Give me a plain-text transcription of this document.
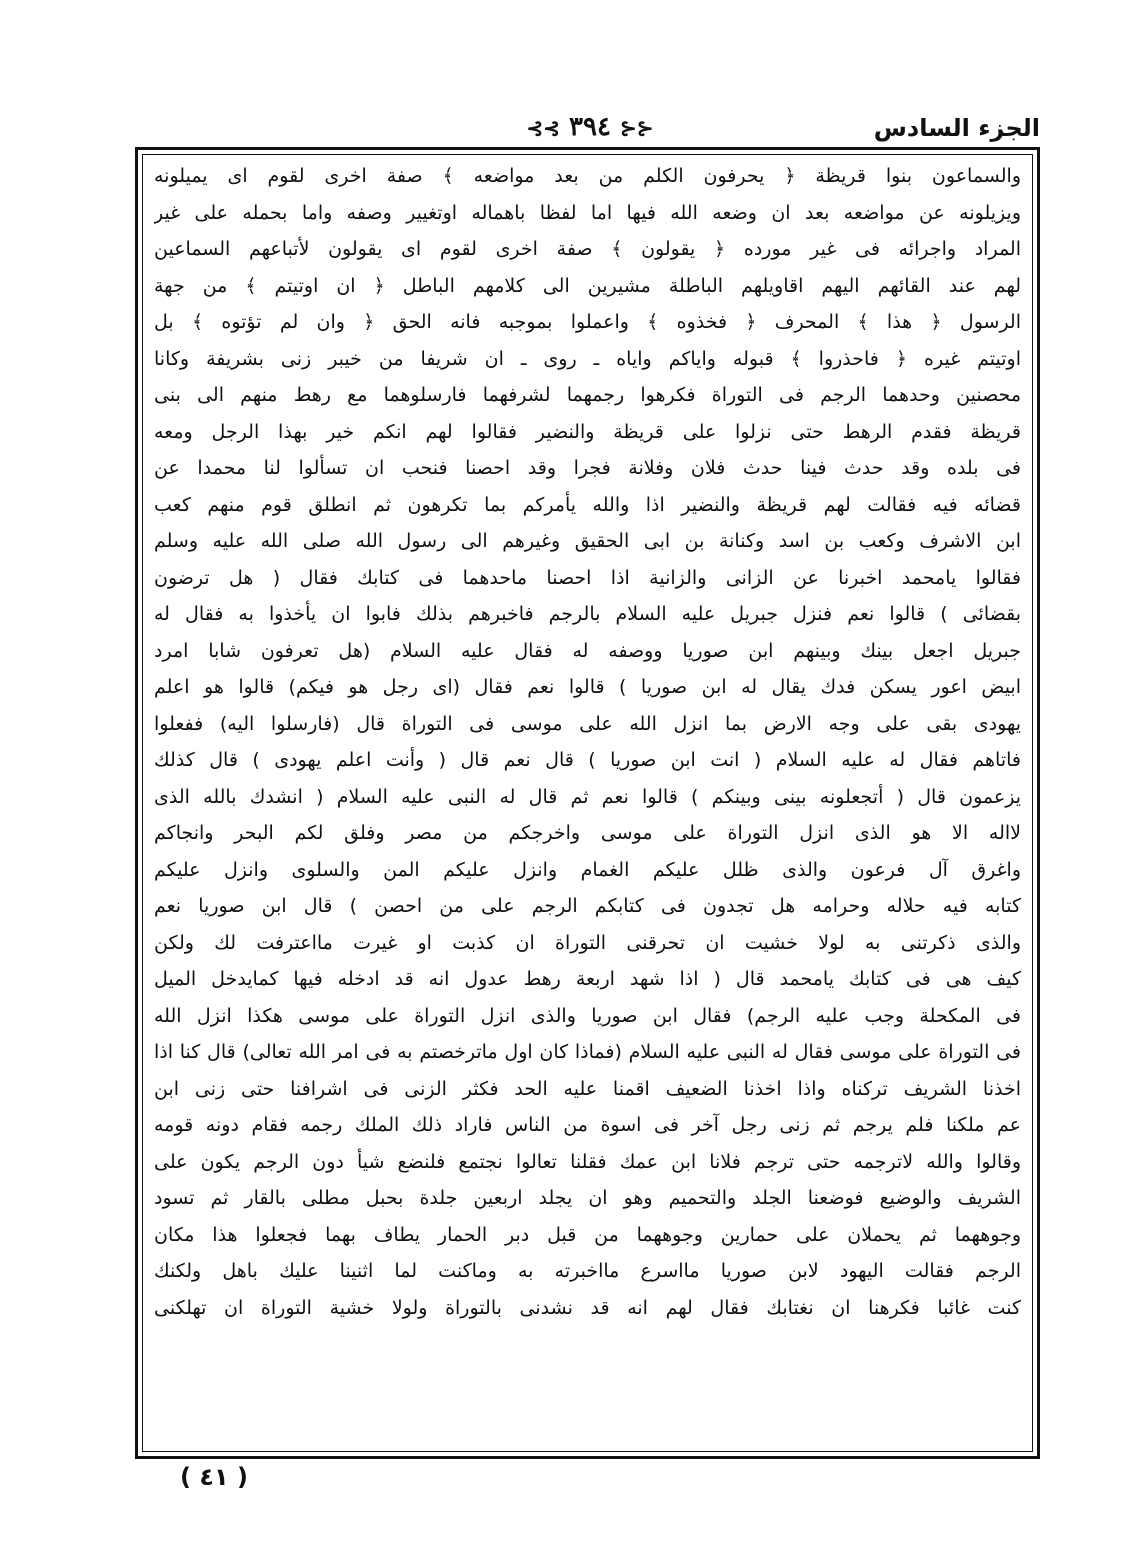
⊰⊰ ٣٩٤ ⊱⊱	الجزء السادس
والسماعون بنوا قريظة ﴿ يحرفون الكلم من بعد مواضعه ﴾ صفة اخرى لقوم اى يميلونه
ويزيلونه عن مواضعه بعد ان وضعه الله فيها اما لفظا باهماله اوتغيير وصفه واما بحمله على غير
المراد واجرائه فى غير مورده ﴿ يقولون ﴾ صفة اخرى لقوم اى يقولون لأتباعهم السماعين
لهم عند القائهم اليهم اقاويلهم الباطلة مشيرين الى كلامهم الباطل ﴿ ان اوتيتم ﴾ من جهة
الرسول ﴿ هذا ﴾ المحرف ﴿ فخذوه ﴾ واعملوا بموجبه فانه الحق ﴿ وان لم تؤتوه ﴾ بل
اوتيتم غيره ﴿ فاحذروا ﴾ قبوله واياكم واياه ـ روى ـ ان شريفا من خيبر زنى بشريفة وكانا
محصنين وحدهما الرجم فى التوراة فكرهوا رجمهما لشرفهما فارسلوهما مع رهط منهم الى بنى
قريظة فقدم الرهط حتى نزلوا على قريظة والنضير فقالوا لهم انكم خير بهذا الرجل ومعه
فى بلده وقد حدث فينا حدث فلان وفلانة فجرا وقد احصنا فنحب ان تسألوا لنا محمدا عن
قضائه فيه فقالت لهم قريظة والنضير اذا والله يأمركم بما تكرهون ثم انطلق قوم منهم كعب
ابن الاشرف وكعب بن اسد وكنانة بن ابى الحقيق وغيرهم الى رسول الله صلى الله عليه وسلم
فقالوا يامحمد اخبرنا عن الزانى والزانية اذا احصنا ماحدهما فى كتابك فقال ( هل ترضون
بقضائى ) قالوا نعم فنزل جبريل عليه السلام بالرجم فاخبرهم بذلك فابوا ان يأخذوا به فقال له
جبريل اجعل بينك وبينهم ابن صوريا ووصفه له فقال عليه السلام (هل تعرفون شابا امرد
ابيض اعور يسكن فدك يقال له ابن صوريا ) قالوا نعم فقال (اى رجل هو فيكم) قالوا هو اعلم
يهودى بقى على وجه الارض بما انزل الله على موسى فى التوراة قال (فارسلوا اليه) ففعلوا
فاتاهم فقال له عليه السلام ( انت ابن صوريا ) قال نعم قال ( وأنت اعلم يهودى ) قال كذلك
يزعمون قال ( أتجعلونه بينى وبينكم ) قالوا نعم ثم قال له النبى عليه السلام ( انشدك بالله الذى
لااله الا هو الذى انزل التوراة على موسى واخرجكم من مصر وفلق لكم البحر وانجاكم
واغرق آل فرعون والذى ظلل عليكم الغمام وانزل عليكم المن والسلوى وانزل عليكم
كتابه فيه حلاله وحرامه هل تجدون فى كتابكم الرجم على من احصن ) قال ابن صوريا نعم
والذى ذكرتنى به لولا خشيت ان تحرقنى التوراة ان كذبت او غيرت مااعترفت لك ولكن
كيف هى فى كتابك يامحمد قال ( اذا شهد اربعة رهط عدول انه قد ادخله فيها كمايدخل الميل
فى المكحلة وجب عليه الرجم) فقال ابن صوريا والذى انزل التوراة على موسى هكذا انزل الله
فى التوراة على موسى فقال له النبى عليه السلام (فماذا كان اول ماترخصتم به فى امر الله تعالى) قال كنا اذا
اخذنا الشريف تركناه واذا اخذنا الضعيف اقمنا عليه الحد فكثر الزنى فى اشرافنا حتى زنى ابن
عم ملكنا فلم يرجم ثم زنى رجل آخر فى اسوة من الناس فاراد ذلك الملك رجمه فقام دونه قومه
وقالوا والله لاترجمه حتى ترجم فلانا ابن عمك فقلنا تعالوا نجتمع فلنضع شيأ دون الرجم يكون على
الشريف والوضيع فوضعنا الجلد والتحميم وهو ان يجلد اربعين جلدة بحبل مطلى بالقار ثم تسود
وجوههما ثم يحملان على حمارين وجوههما من قبل دبر الحمار يطاف بهما فجعلوا هذا مكان
الرجم فقالت اليهود لابن صوريا مااسرع مااخبرته به وماكنت لما اثنينا عليك باهل ولكنك
كنت غائبا فكرهنا ان نغتابك فقال لهم انه قد نشدنى بالتوراة ولولا خشية التوراة ان تهلكنى
( ٤١ )
